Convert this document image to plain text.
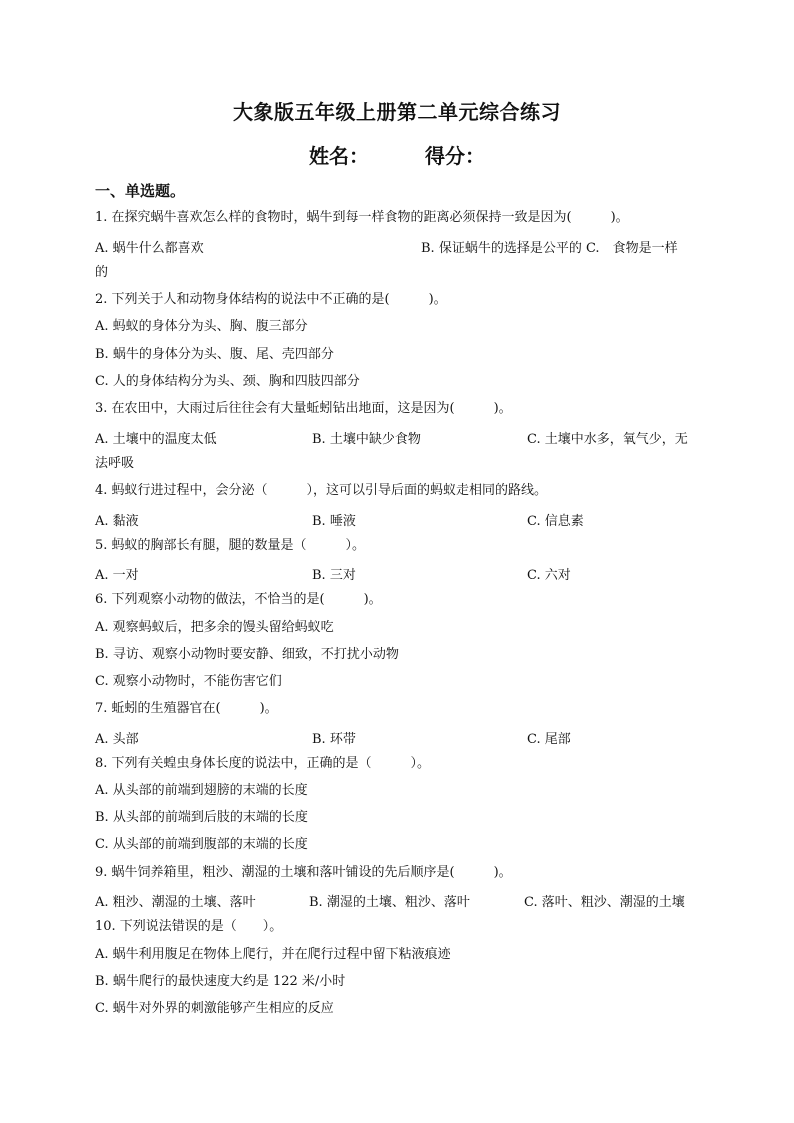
大象版五年级上册第二单元综合练习
姓名：	得分：
一、单选题。
1. 在探究蜗牛喜欢怎么样的食物时，蜗牛到每一样食物的距离必须保持一致是因为(　　　)。
A. 蜗牛什么都喜欢	B. 保证蜗牛的选择是公平的 C.　食物是一样
的
2. 下列关于人和动物身体结构的说法中不正确的是(　　　)。
A. 蚂蚁的身体分为头、胸、腹三部分
B. 蜗牛的身体分为头、腹、尾、壳四部分
C. 人的身体结构分为头、颈、胸和四肢四部分
3. 在农田中，大雨过后往往会有大量蚯蚓钻出地面，这是因为(　　　)。
A. 土壤中的温度太低	B. 土壤中缺少食物	C. 土壤中水多，氧气少，无
法呼吸
4. 蚂蚁行进过程中，会分泌（　　　），这可以引导后面的蚂蚁走相同的路线。
A. 黏液	B. 唾液	C. 信息素
5. 蚂蚁的胸部长有腿，腿的数量是（　　　）。
A. 一对	B. 三对	C. 六对
6. 下列观察小动物的做法，不恰当的是(　　　)。
A. 观察蚂蚁后，把多余的馒头留给蚂蚁吃
B. 寻访、观察小动物时要安静、细致，不打扰小动物
C. 观察小动物时，不能伤害它们
7. 蚯蚓的生殖器官在(　　　)。
A. 头部	B. 环带	C. 尾部
8. 下列有关蝗虫身体长度的说法中，正确的是（　　　）。
A. 从头部的前端到翅膀的末端的长度
B. 从头部的前端到后肢的末端的长度
C. 从头部的前端到腹部的末端的长度
9. 蜗牛饲养箱里，粗沙、潮湿的土壤和落叶铺设的先后顺序是(　　　)。
A. 粗沙、潮湿的土壤、落叶	B. 潮湿的土壤、粗沙、落叶	C. 落叶、粗沙、潮湿的土壤
10. 下列说法错误的是（　　）。
A. 蜗牛利用腹足在物体上爬行，并在爬行过程中留下粘液痕迹
B. 蜗牛爬行的最快速度大约是 122 米/小时
C. 蜗牛对外界的刺激能够产生相应的反应
